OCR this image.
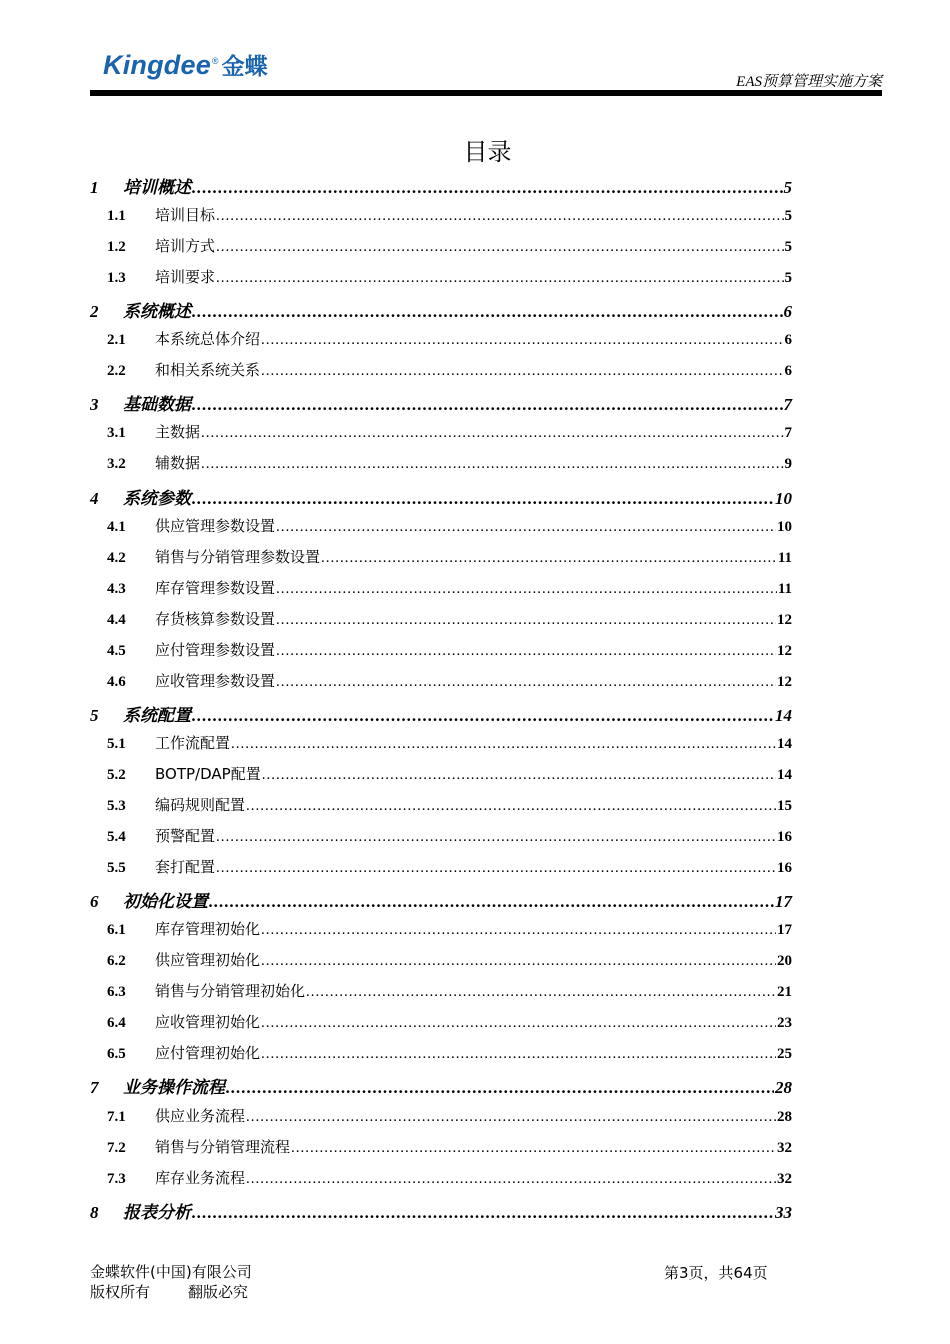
Kingdee ® 金蝶
EAS预算管理实施方案
目录
1	培训概述 .....	5
1.1	培训目标 .....	5
1.2	培训方式 .....	5
1.3	培训要求 .....	5
2	系统概述 .....	6
2.1	本系统总体介绍 .....	6
2.2	和相关系统关系 .....	6
3	基础数据 .....	7
3.1	主数据 .....	7
3.2	辅数据 .....	9
4	系统参数 .....	10
4.1	供应管理参数设置 .....	10
4.2	销售与分销管理参数设置 .....	11
4.3	库存管理参数设置 .....	11
4.4	存货核算参数设置 .....	12
4.5	应付管理参数设置 .....	12
4.6	应收管理参数设置 .....	12
5	系统配置 .....	14
5.1	工作流配置 .....	14
5.2	BOTP/DAP配置 .....	14
5.3	编码规则配置 .....	15
5.4	预警配置 .....	16
5.5	套打配置 .....	16
6	初始化设置 .....	17
6.1	库存管理初始化 .....	17
6.2	供应管理初始化 .....	20
6.3	销售与分销管理初始化 .....	21
6.4	应收管理初始化 .....	23
6.5	应付管理初始化 .....	25
7	业务操作流程 .....	28
7.1	供应业务流程 .....	28
7.2	销售与分销管理流程 .....	32
7.3	库存业务流程 .....	32
8	报表分析 .....	33
金蝶软件(中国)有限公司
版权所有	翻版必究
第3页，共64页
